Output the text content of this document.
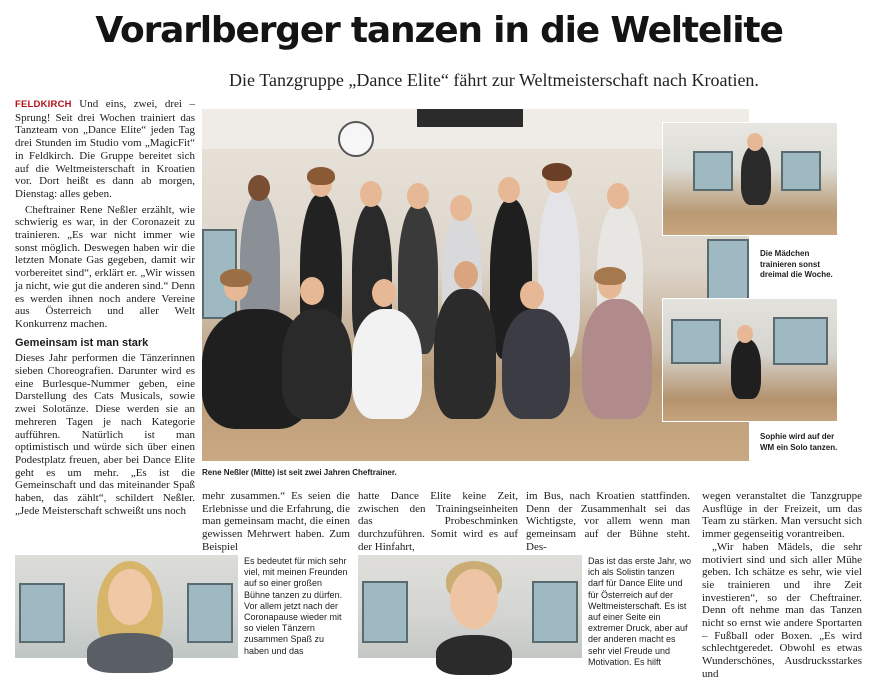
Vorarlberger tanzen in die Weltelite
Die Tanzgruppe „Dance Elite“ fährt zur Weltmeisterschaft nach Kroatien.

FELDKIRCH Und eins, zwei, drei – Sprung! Seit drei Wochen trainiert das Tanzteam von „Dance Elite“ jeden Tag drei Stunden im Studio vom „MagicFit“ in Feldkirch. Die Gruppe bereitet sich auf die Weltmeisterschaft in Kroatien vor. Dort heißt es dann ab morgen, Dienstag: alles geben.

Cheftrainer Rene Neßler erzählt, wie schwierig es war, in der Coronazeit zu trainieren. „Es war nicht immer wie sonst möglich. Deswegen haben wir die letzten Monate Gas gegeben, damit wir vorbereitet sind“, erklärt er. „Wir wissen ja nicht, wie gut die anderen sind.“ Denn es werden ihnen noch andere Vereine aus Österreich und aller Welt Konkurrenz machen.

Gemeinsam ist man stark

Dieses Jahr performen die Tänzerinnen sieben Choreografien. Darunter wird es eine Burlesque-Nummer geben, eine Darstellung des Cats Musicals, sowie zwei Solotänze. Diese werden sie an mehreren Tagen je nach Kategorie aufführen. Natürlich ist man optimistisch und würde sich über einen Podestplatz freuen, aber bei Dance Elite geht es um mehr. „Es ist die Gemeinschaft und das miteinander Spaß haben, das zählt“, schildert Neßler. „Jede Meisterschaft schweißt uns noch

Die Mädchen trainieren sonst dreimal die Woche.
Sophie wird auf der WM ein Solo tanzen.
Rene Neßler (Mitte) ist seit zwei Jahren Cheftrainer.
mehr zusammen.“ Es seien die Erlebnisse und die Erfahrung, die man gemeinsam macht, die einen gewissen Mehrwert haben. Zum Beispiel
hatte Dance Elite keine Zeit, zwischen den Trainingseinheiten das Probeschminken durchzuführen. Somit wird es auf der Hinfahrt,
im Bus, nach Kroatien stattfinden. Denn der Zusammenhalt sei das Wichtigste, vor allem wenn man gemeinsam auf der Bühne steht. Des-

wegen veranstaltet die Tanzgruppe Ausflüge in der Freizeit, um das Team zu stärken. Man versucht sich immer gegenseitig vorantreiben.

„Wir haben Mädels, die sehr motiviert sind und sich aller Mühe geben. Ich schätze es sehr, wie viel sie trainieren und ihre Zeit investieren“, so der Cheftrainer. Denn oft nehme man das Tanzen nicht so ernst wie andere Sportarten – Fußball oder Boxen. „Es wird schlechtgeredet. Obwohl es etwas Wunderschönes, Ausdrucksstarkes und

Es bedeutet für mich sehr viel, mit meinen Freunden auf so einer großen Bühne tanzen zu dürfen. Vor allem jetzt nach der Coronapause wieder mit so vielen Tänzern zusammen Spaß zu haben und das
Das ist das erste Jahr, wo ich als Solistin tanzen darf für Dance Elite und für Österreich auf der Weltmeisterschaft. Es ist auf einer Seite ein extremer Druck, aber auf der anderen macht es sehr viel Freude und Motivation. Es hilft
